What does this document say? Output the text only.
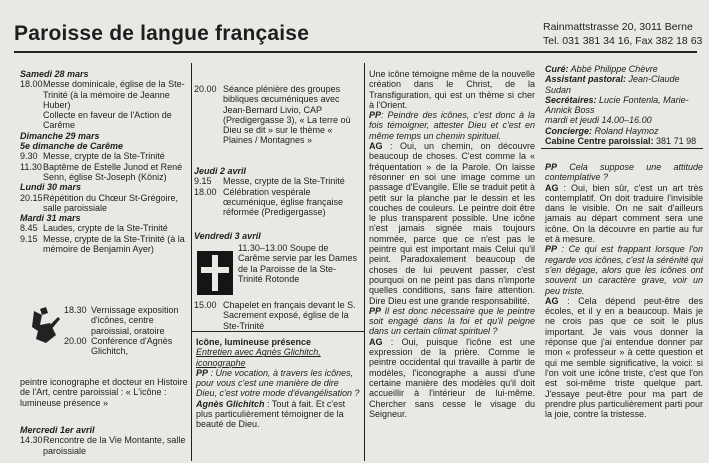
Paroisse de langue française	Rainmattstrasse 20, 3011 Berne
Tel. 031 381 34 16, Fax 382 18 63

Samedi 28 mars

18.00 Messe dominicale, église de la Ste-Trinité (à la mémoire de Jeanne Huber)
Collecte en faveur de l'Action de Carême

Dimanche 29 mars

5e dimanche de Carême

9.30 Messe, crypte de la Ste-Trinité
11.30 Baptême de Estelle Junod et René Senn, église St-Joseph (Köniz)

Lundi 30 mars

20.15 Répétition du Chœur St-Grégoire, salle paroissiale

Mardi 31 mars

8.45 Laudes, crypte de la Ste-Trinité
9.15 Messe, crypte de la Ste-Trinité (à la mémoire de Benjamin Ayer)
18.30 Vernissage exposition d'icônes, centre paroissial, oratoire
20.00 Conférence d'Agnès Glichitch,

peintre iconographe et docteur en Histoire de l'Art, centre paroissial : « L'icône : lumineuse présence »

Mercredi 1er avril

14.30 Rencontre de la Vie Montante, salle paroissiale
20.00 Séance plénière des groupes bibliques œcuméniques avec Jean-Bernard Livio, CAP (Predigergasse 3), « La terre où Dieu se dit » sur le thème « Plaines / Montagnes »

Jeudi 2 avril

9.15	Messe, crypte de la Ste-Trinité
18.00 Célébration vespérale œcuménique, église française réformée (Predigergasse)

Vendredi 3 avril

11.30–13.00 Soupe de Carême servie par les Dames de la Paroisse de la Ste-Trinité Rotonde

15.00 Chapelet en français devant le S. Sacrement exposé, église de la Ste-Trinité

Icône, lumineuse présence

Entretien avec Agnès Glichitch, iconographe

PP : Une vocation, à travers les icônes, pour vous c'est une manière de dire Dieu, c'est votre mode d'évangélisation ?

Agnès Glichitch : Tout à fait. Et c'est plus particulièrement témoigner de la beauté de Dieu.

Une icône témoigne même de la nouvelle création dans le Christ, de la Transfiguration, qui est un thème si cher à l'Orient.

PP: Peindre des icônes, c'est donc à la fois témoigner, attester Dieu et c'est en même temps un chemin spirituel.

AG : Oui, un chemin, on découvre beaucoup de choses. C'est comme la « fréquentation » de la Parole. On laisse résonner en soi une image comme un passage d'Evangile. Elle se traduit petit à petit sur la planche par le dessin et les couches de couleurs. Le peintre doit être le plus transparent possible. Une icône n'est jamais signée mais toujours nommée, parce que ce n'est pas le peintre qui est important mais Celui qu'il peint. Paradoxalement beaucoup de choses de lui peuvent passer, c'est pourquoi on ne peint pas dans n'importe quelles conditions, sans faire attention. Dire Dieu est une grande responsabilité.

PP Il est donc nécessaire que le peintre soit engagé dans la foi et qu'il peigne dans un certain climat spirituel ?

AG : Oui, puisque l'icône est une expression de la prière. Comme le peintre occidental qui travaille à partir de modèles, l'iconographe a aussi d'une certaine manière des modèles qu'il doit accueillir à l'intérieur de lui-même. Chercher sans cesse le visage du Seigneur.

Curé: Abbé Philippe Chèvre

Assistant pastoral: Jean-Claude Sudan

Secrétaires: Lucie Fontenla, Marie-Annick Boss

mardi et jeudi 14.00–16.00

Concierge: Roland Haymoz

Cabine Centre paroissial: 381 71 98

PP Cela suppose une attitude contemplative ?

AG : Oui, bien sûr, c'est un art très contemplatif. On doit traduire l'invisible dans le visible. On ne sait d'ailleurs jamais au départ comment sera une icône. On la découvre en partie au fur et à mesure.

PP : Ce qui est frappant lorsque l'on regarde vos icônes, c'est la sérénité qui s'en dégage, alors que les icônes ont souvent un caractère grave, voir un peu triste.

AG : Cela dépend peut-être des écoles, et il y en a beaucoup. Mais je ne crois pas que ce soit le plus important. Je vais vous donner la réponse que j'ai entendue donner par mon « professeur » à cette question et qui me semble significative, la voici: si l'on voit une icône triste, c'est que l'on est soi-même triste quelque part. J'essaye peut-être pour ma part de prendre plus particulièrement parti pour la joie, contre la tristesse.
